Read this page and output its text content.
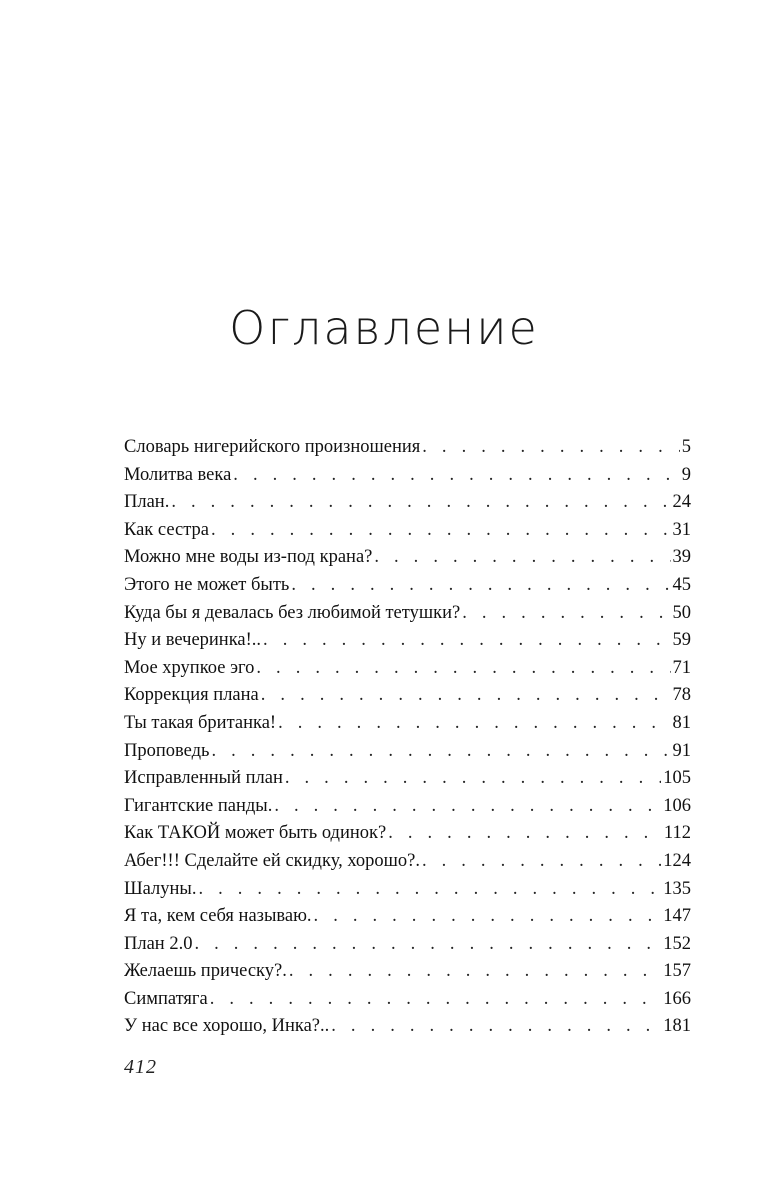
Оглавление
Словарь нигерийского произношения . . .	5
Молитва века . . .	9
План. . . .	24
Как сестра . . .	31
Можно мне воды из-под крана? . . .	39
Этого не может быть . . .	45
Куда бы я девалась без любимой тетушки? . . .	50
Ну и вечеринка!.. . . .	59
Мое хрупкое эго . . .	71
Коррекция плана . . .	78
Ты такая британка! . . .	81
Проповедь . . .	91
Исправленный план . . .	105
Гигантские панды. . . .	106
Как ТАКОЙ может быть одинок? . . .	112
Абег!!! Сделайте ей скидку, хорошо?. . . .	124
Шалуны. . . .	135
Я та, кем себя называю. . . .	147
План 2.0 . . .	152
Желаешь прическу?. . . .	157
Симпатяга . . .	166
У нас все хорошо, Инка?.. . . .	181
412
